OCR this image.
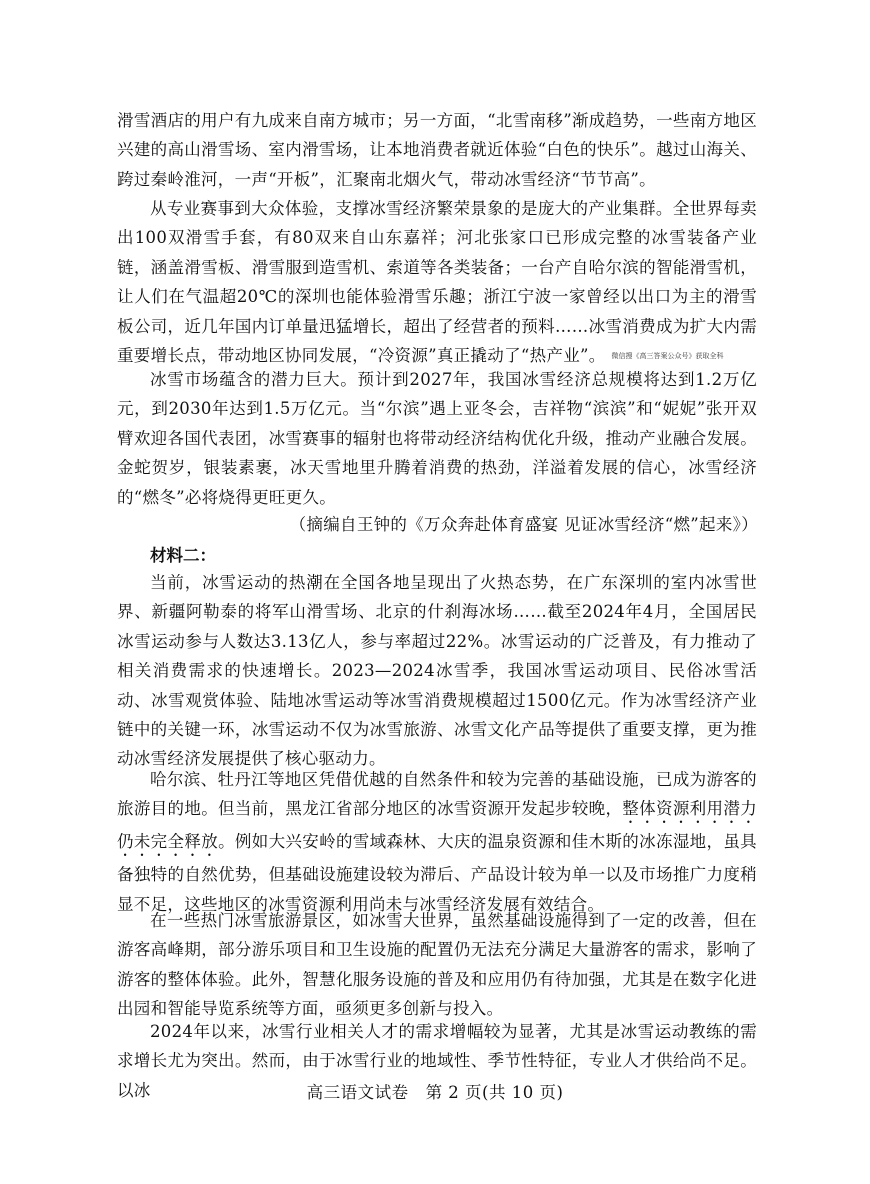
滑雪酒店的用户有九成来自南方城市；另一方面，“北雪南移”渐成趋势，一些南方地区兴建的高山滑雪场、室内滑雪场，让本地消费者就近体验“白色的快乐”。越过山海关、跨过秦岭淮河，一声“开板”，汇聚南北烟火气，带动冰雪经济“节节高”。

从专业赛事到大众体验，支撑冰雪经济繁荣景象的是庞大的产业集群。全世界每卖出100双滑雪手套，有80双来自山东嘉祥；河北张家口已形成完整的冰雪装备产业链，涵盖滑雪板、滑雪服到造雪机、索道等各类装备；一台产自哈尔滨的智能滑雪机，让人们在气温超20℃的深圳也能体验滑雪乐趣；浙江宁波一家曾经以出口为主的滑雪板公司，近几年国内订单量迅猛增长，超出了经营者的预料……冰雪消费成为扩大内需重要增长点，带动地区协同发展，“冷资源”真正撬动了“热产业”。 微信搜《高三答案公众号》获取全科

冰雪市场蕴含的潜力巨大。预计到2027年，我国冰雪经济总规模将达到1.2万亿元，到2030年达到1.5万亿元。当“尔滨”遇上亚冬会，吉祥物“滨滨”和“妮妮”张开双臂欢迎各国代表团，冰雪赛事的辐射也将带动经济结构优化升级，推动产业融合发展。金蛇贺岁，银装素裹，冰天雪地里升腾着消费的热劲，洋溢着发展的信心，冰雪经济的“燃冬”必将烧得更旺更久。

（摘编自王钟的《万众奔赴体育盛宴 见证冰雪经济“燃”起来》）
材料二：

当前，冰雪运动的热潮在全国各地呈现出了火热态势，在广东深圳的室内冰雪世界、新疆阿勒泰的将军山滑雪场、北京的什刹海冰场……截至2024年4月，全国居民冰雪运动参与人数达3.13亿人，参与率超过22%。冰雪运动的广泛普及，有力推动了相关消费需求的快速增长。2023—2024冰雪季，我国冰雪运动项目、民俗冰雪活动、冰雪观赏体验、陆地冰雪运动等冰雪消费规模超过1500亿元。作为冰雪经济产业链中的关键一环，冰雪运动不仅为冰雪旅游、冰雪文化产品等提供了重要支撑，更为推动冰雪经济发展提供了核心驱动力。

哈尔滨、牡丹江等地区凭借优越的自然条件和较为完善的基础设施，已成为游客的旅游目的地。但当前，黑龙江省部分地区的冰雪资源开发起步较晚，整体资源利用潜力仍未完全释放。例如大兴安岭的雪域森林、大庆的温泉资源和佳木斯的冰冻湿地，虽具备独特的自然优势，但基础设施建设较为滞后、产品设计较为单一以及市场推广力度稍显不足，这些地区的冰雪资源利用尚未与冰雪经济发展有效结合。

在一些热门冰雪旅游景区，如冰雪大世界，虽然基础设施得到了一定的改善，但在游客高峰期，部分游乐项目和卫生设施的配置仍无法充分满足大量游客的需求，影响了游客的整体体验。此外，智慧化服务设施的普及和应用仍有待加强，尤其是在数字化进出园和智能导览系统等方面，亟须更多创新与投入。

2024年以来，冰雪行业相关人才的需求增幅较为显著，尤其是冰雪运动教练的需求增长尤为突出。然而，由于冰雪行业的地域性、季节性特征，专业人才供给尚不足。以冰	高三语文试卷　第 2 页(共 10 页)
